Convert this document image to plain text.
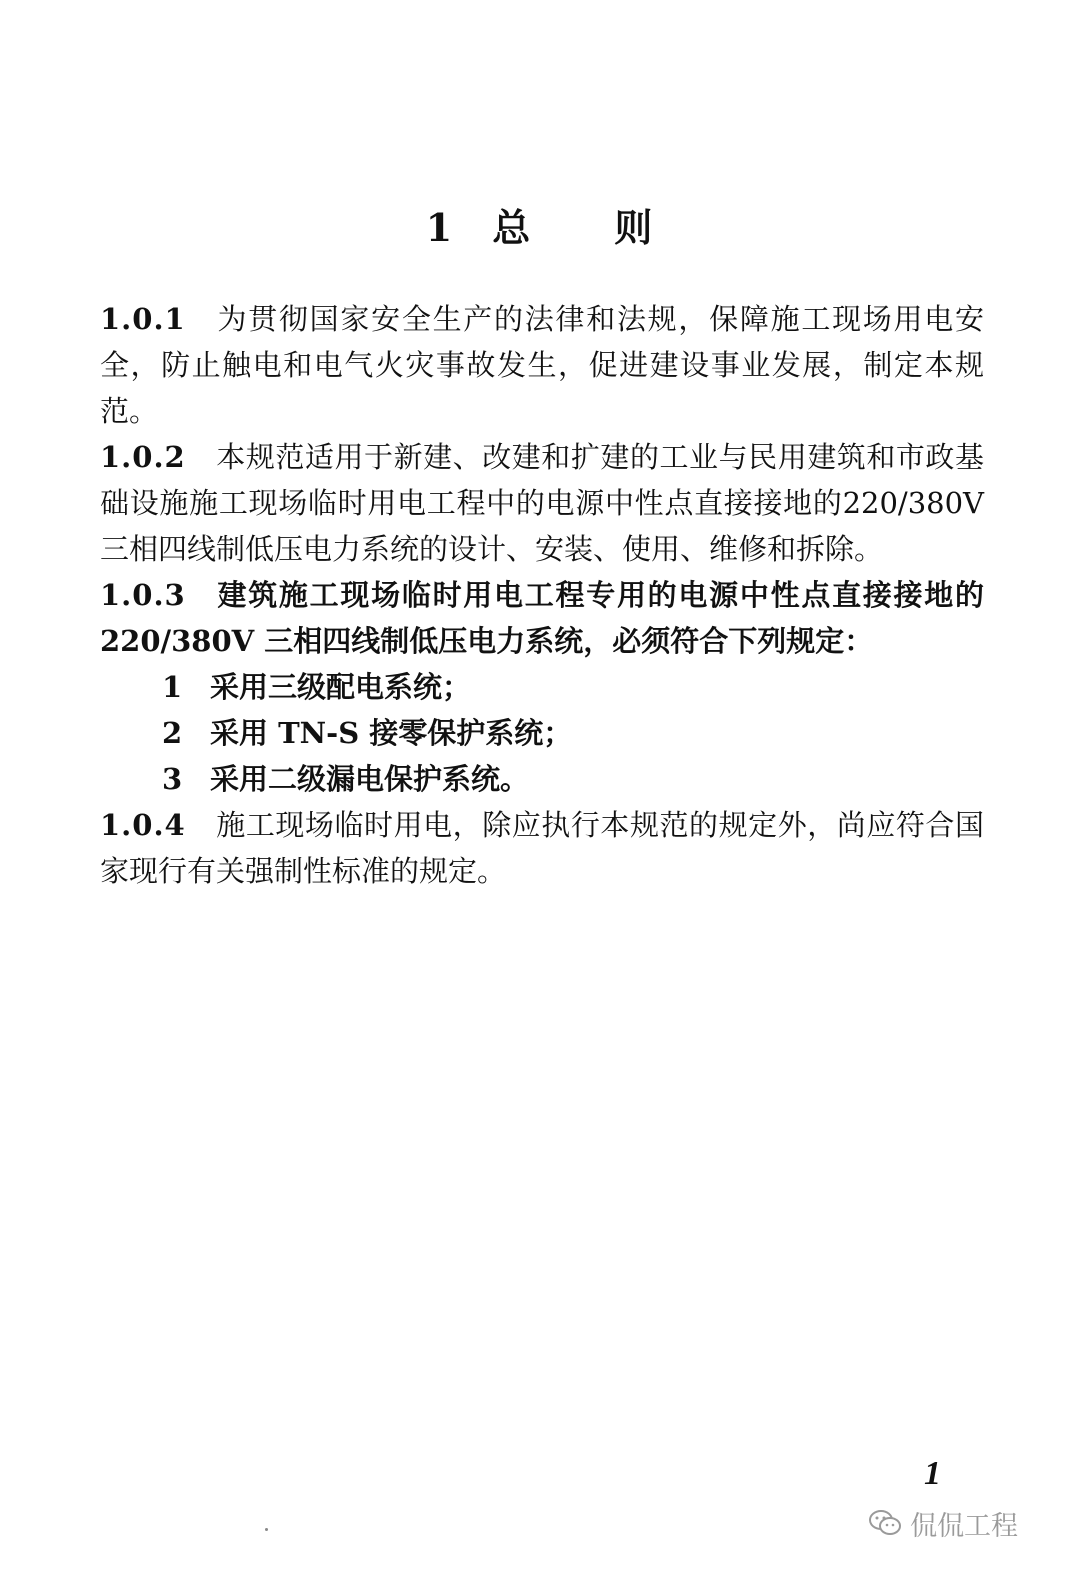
1 总 则

1.0.1 为贯彻国家安全生产的法律和法规，保障施工现场用电安全，防止触电和电气火灾事故发生，促进建设事业发展，制定本规范。

1.0.2 本规范适用于新建、改建和扩建的工业与民用建筑和市政基础设施施工现场临时用电工程中的电源中性点直接接地的220/380V 三相四线制低压电力系统的设计、安装、使用、维修和拆除。

1.0.3 建筑施工现场临时用电工程专用的电源中性点直接接地的 220/380V 三相四线制低压电力系统，必须符合下列规定：

1 采用三级配电系统；

2 采用 TN-S 接零保护系统；

3 采用二级漏电保护系统。

1.0.4 施工现场临时用电，除应执行本规范的规定外，尚应符合国家现行有关强制性标准的规定。

1
侃侃工程
